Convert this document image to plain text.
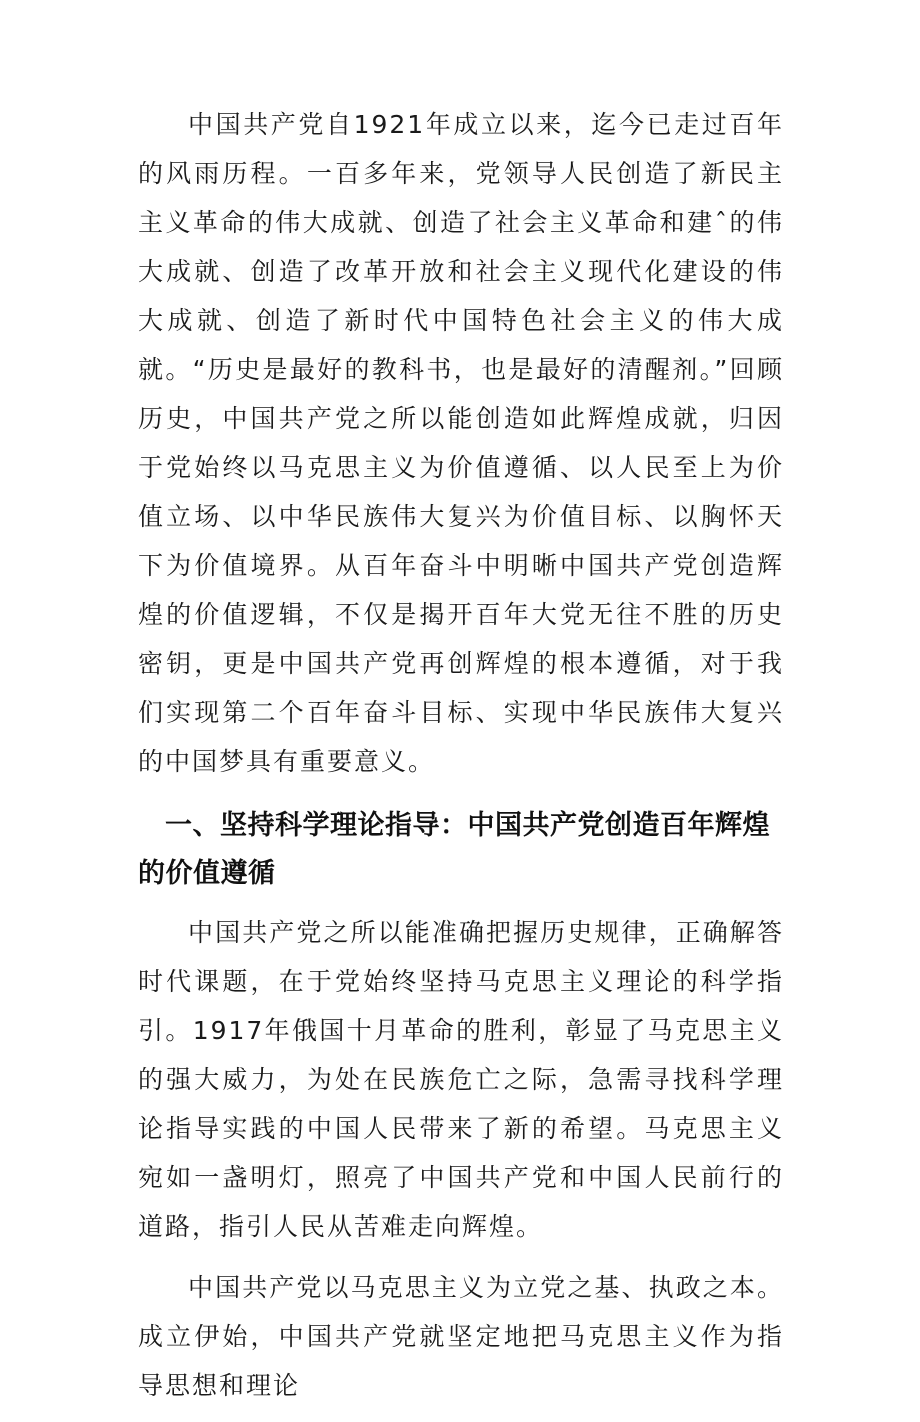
中国共产党自1921年成立以来，迄今已走过百年的风雨历程。一百多年来，党领导人民创造了新民主主义革命的伟大成就、创造了社会主义革命和建ˆ的伟大成就、创造了改革开放和社会主义现代化建设的伟大成就、创造了新时代中国特色社会主义的伟大成就。“历史是最好的教科书，也是最好的清醒剂。”回顾历史，中国共产党之所以能创造如此辉煌成就，归因于党始终以马克思主义为价值遵循、以人民至上为价值立场、以中华民族伟大复兴为价值目标、以胸怀天下为价值境界。从百年奋斗中明晰中国共产党创造辉煌的价值逻辑，不仅是揭开百年大党无往不胜的历史密钥，更是中国共产党再创辉煌的根本遵循，对于我们实现第二个百年奋斗目标、实现中华民族伟大复兴的中国梦具有重要意义。

一、坚持科学理论指导：中国共产党创造百年辉煌的价值遵循

中国共产党之所以能准确把握历史规律，正确解答时代课题，在于党始终坚持马克思主义理论的科学指引。1917年俄国十月革命的胜利，彰显了马克思主义的强大威力，为处在民族危亡之际，急需寻找科学理论指导实践的中国人民带来了新的希望。马克思主义宛如一盏明灯，照亮了中国共产党和中国人民前行的道路，指引人民从苦难走向辉煌。

中国共产党以马克思主义为立党之基、执政之本。成立伊始，中国共产党就坚定地把马克思主义作为指导思想和理论
